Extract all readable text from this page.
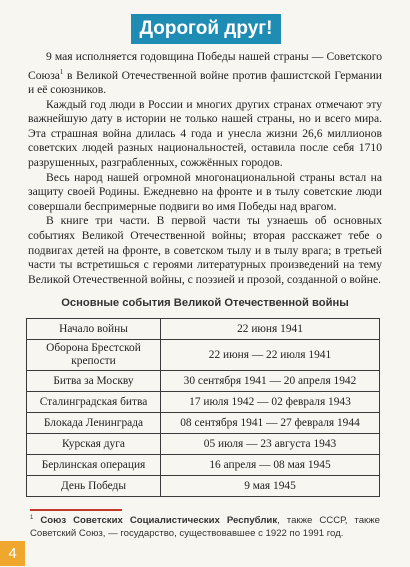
Дорогой друг!

9 мая исполняется годовщина Победы нашей страны — Советского Союза$^1$ в Великой Отечественной войне против фашистской Германии и её союзников.

Каждый год люди в России и многих других странах отмечают эту важнейшую дату в истории не только нашей страны, но и всего мира. Эта страшная война длилась 4 года и унесла жизни 26,6 миллионов советских людей разных национальностей, оставила после себя 1710 разрушенных, разграбленных, сожжённых городов.

Весь народ нашей огромной многонациональной страны встал на защиту своей Родины. Ежедневно на фронте и в тылу советские люди совершали беспримерные подвиги во имя Победы над врагом.

В книге три части. В первой части ты узнаешь об основных событиях Великой Отечественной войны; вторая расскажет тебе о подвигах детей на фронте, в советском тылу и в тылу врага; в третьей части ты встретишься с героями литературных произведений на тему Великой Отечественной войны, с поэзией и прозой, созданной о войне.

Основные события Великой Отечественной войны
Начало войны	22 июня 1941
Оборона Брестской крепости	22 июня — 22 июля 1941
Битва за Москву	30 сентября 1941 — 20 апреля 1942
Сталинградская битва	17 июля 1942 — 02 февраля 1943
Блокада Ленинграда	08 сентября 1941 — 27 февраля 1944
Курская дуга	05 июля — 23 августа 1943
Берлинская операция	16 апреля — 08 мая 1945
День Победы	9 мая 1945
$^1$ Союз Советских Социалистических Республик, также СССР, также Советский Союз, — государство, существовавшее с 1922 по 1991 год.
4
